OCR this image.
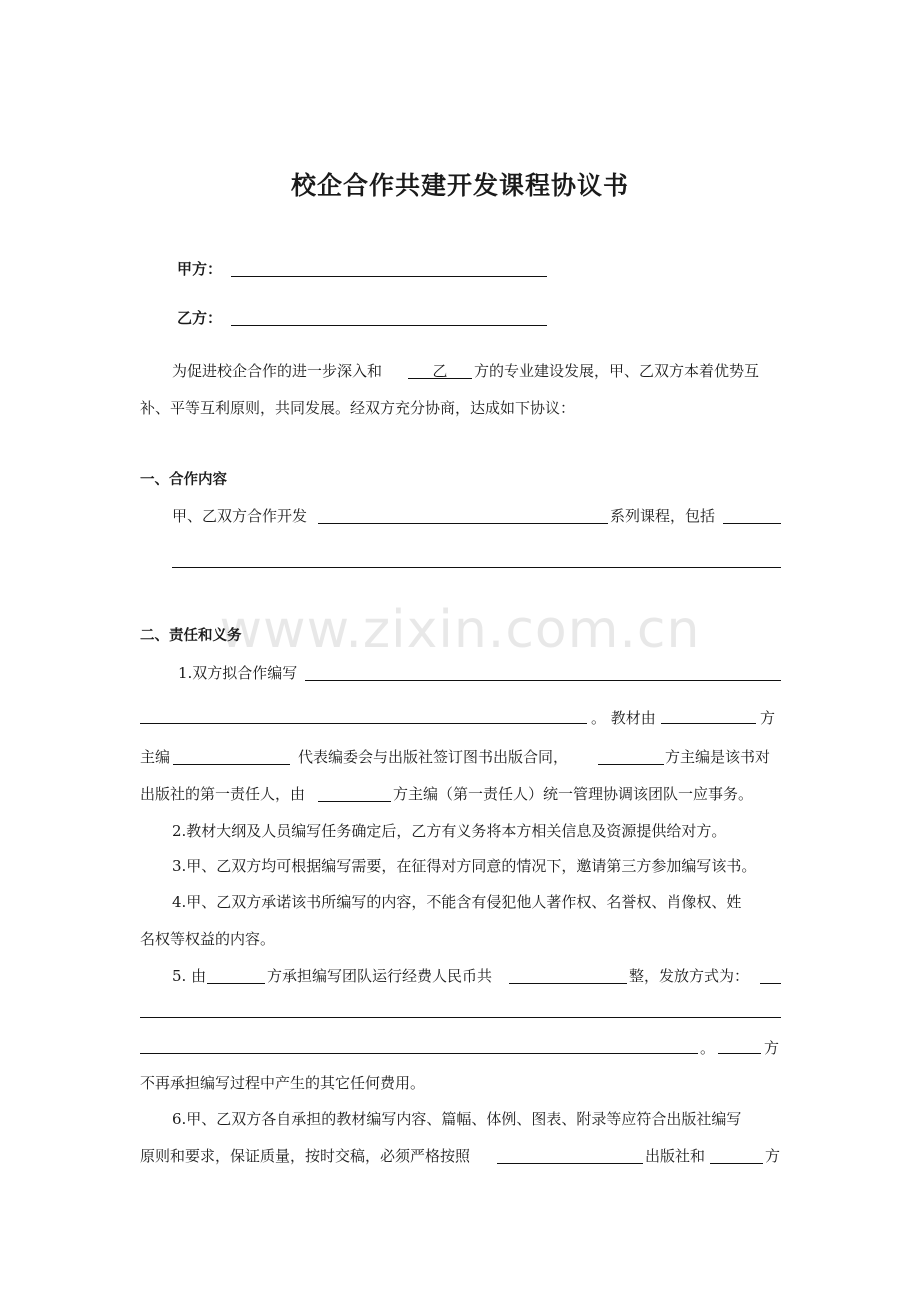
校企合作共建开发课程协议书
www.zixin.com.cn
甲方：
乙方：
为促进校企合作的进一步深入和	乙	方的专业建设发展，甲、乙双方本着优势互
补、平等互利原则，共同发展。经双方充分协商，达成如下协议：
一、合作内容
甲、乙双方合作开发	系列课程，包括
二、责任和义务
1.双方拟合作编写
。 教材由	方
主编	代表编委会与出版社签订图书出版合同，	方主编是该书对
出版社的第一责任人，由	方主编（第一责任人）统一管理协调该团队一应事务。
2.教材大纲及人员编写任务确定后，乙方有义务将本方相关信息及资源提供给对方。
3.甲、乙双方均可根据编写需要，在征得对方同意的情况下，邀请第三方参加编写该书。
4.甲、乙双方承诺该书所编写的内容，不能含有侵犯他人著作权、名誉权、肖像权、姓
名权等权益的内容。
5. 由	方承担编写团队运行经费人民币共	整，发放方式为：
。	方
不再承担编写过程中产生的其它任何费用。
6.甲、乙双方各自承担的教材编写内容、篇幅、体例、图表、附录等应符合出版社编写
原则和要求，保证质量，按时交稿，必须严格按照	出版社和	方
